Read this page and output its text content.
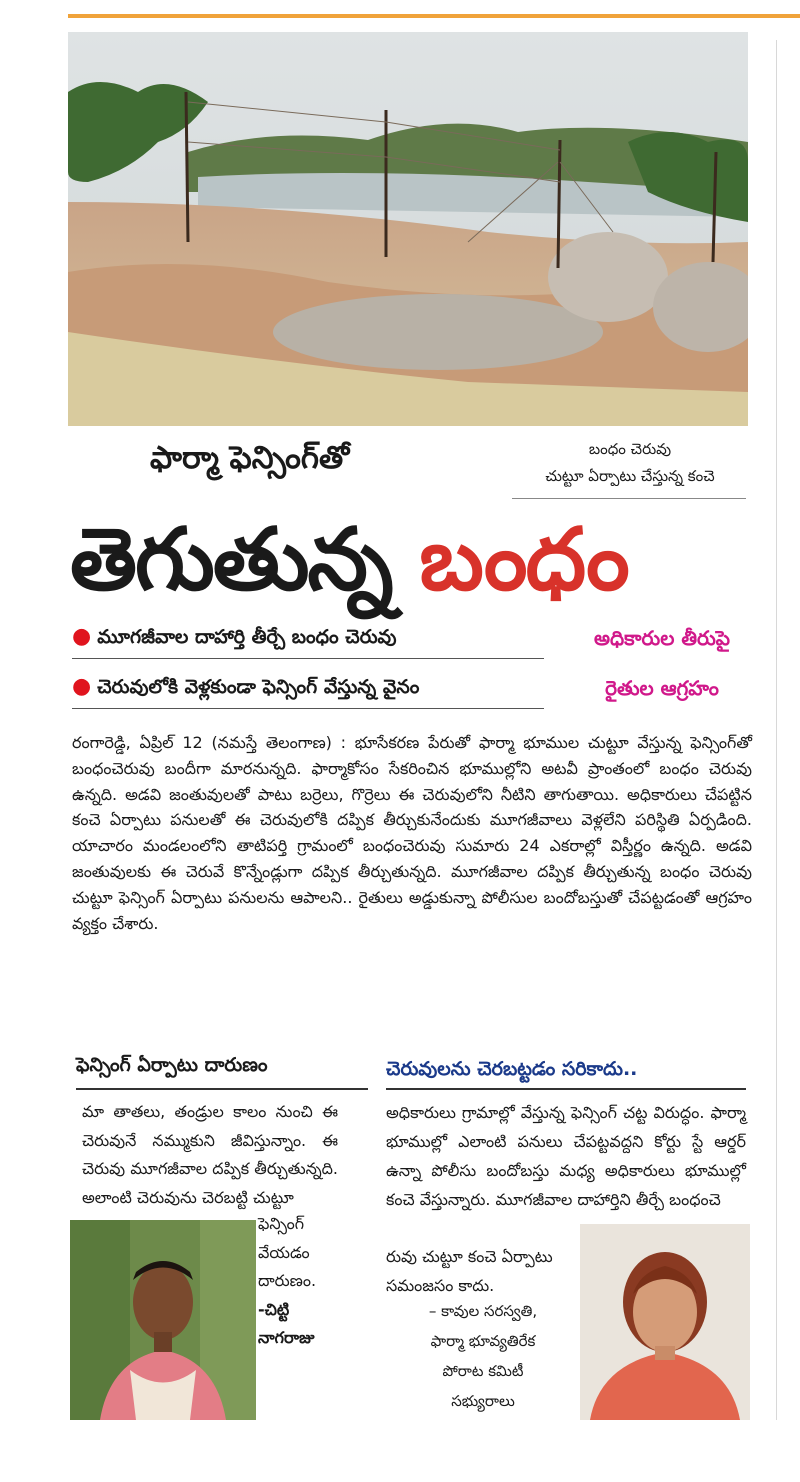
బంధం చెరువు
చుట్టూ ఏర్పాటు చేస్తున్న కంచె
ఫార్మా ఫెన్సింగ్‌తో
తెగుతున్న బంధం
● మూగజీవాల దాహార్తి తీర్చే బంధం చెరువు
● చెరువులోకి వెళ్లకుండా ఫెన్సింగ్‌ వేస్తున్న వైనం
అధికారుల తీరుపై
రైతుల ఆగ్రహం
రంగారెడ్డి, ఏప్రిల్‌ 12 (నమస్తే తెలంగాణ) : భూసేకరణ పేరుతో ఫార్మా భూముల చుట్టూ వేస్తున్న ఫెన్సింగ్‌తో బంధంచెరువు బందీగా మారనున్నది. ఫార్మాకోసం సేకరించిన భూముల్లోని అటవీ ప్రాంతంలో బంధం చెరువు ఉన్నది. అడవి జంతువులతో పాటు బర్రెలు, గొర్రెలు ఈ చెరువులోని నీటిని తాగుతాయి. అధికారులు చేపట్టిన కంచె ఏర్పాటు పనులతో ఈ చెరువులోకి దప్పిక తీర్చుకునేందుకు మూగజీవాలు వెళ్లలేని పరిస్థితి ఏర్పడింది. యాచారం మండలంలోని తాటిపర్తి గ్రామంలో బంధంచెరువు సుమారు 24 ఎకరాల్లో విస్తీర్ణం ఉన్నది. అడవి జంతువులకు ఈ చెరువే కొన్నేండ్లుగా దప్పిక తీర్చుతున్నది. మూగజీవాల దప్పిక తీర్చుతున్న బంధం చెరువు చుట్టూ ఫెన్సింగ్‌ ఏర్పాటు పనులను ఆపాలని.. రైతులు అడ్డుకున్నా పోలీసుల బందోబస్తుతో చేపట్టడంతో ఆగ్రహం వ్యక్తం చేశారు.
ఫెన్సింగ్‌ ఏర్పాటు దారుణం
మా తాతలు, తండ్రుల కాలం నుంచి ఈ చెరువునే నమ్ముకుని జీవిస్తున్నాం. ఈ చెరువు మూగజీవాల దప్పిక తీర్చుతున్నది. అలాంటి చెరువును చెరబట్టి చుట్టూ
ఫెన్సింగ్‌ వేయడం దారుణం.
-చిట్టి
నాగరాజు
చెరువులను చెరబట్టడం సరికాదు..
అధికారులు గ్రామాల్లో వేస్తున్న ఫెన్సింగ్‌ చట్ట విరుద్ధం. ఫార్మా భూముల్లో ఎలాంటి పనులు చేపట్టవద్దని కోర్టు స్టే ఆర్డర్‌ ఉన్నా పోలీసు బందోబస్తు మధ్య అధికారులు భూముల్లో కంచె వేస్తున్నారు. మూగజీవాల దాహార్తిని తీర్చే బంధంచె
రువు చుట్టూ కంచె ఏర్పాటు సమంజసం కాదు.
– కావుల సరస్వతి,
ఫార్మా భూవ్యతిరేక
పోరాట కమిటీ
సభ్యురాలు
